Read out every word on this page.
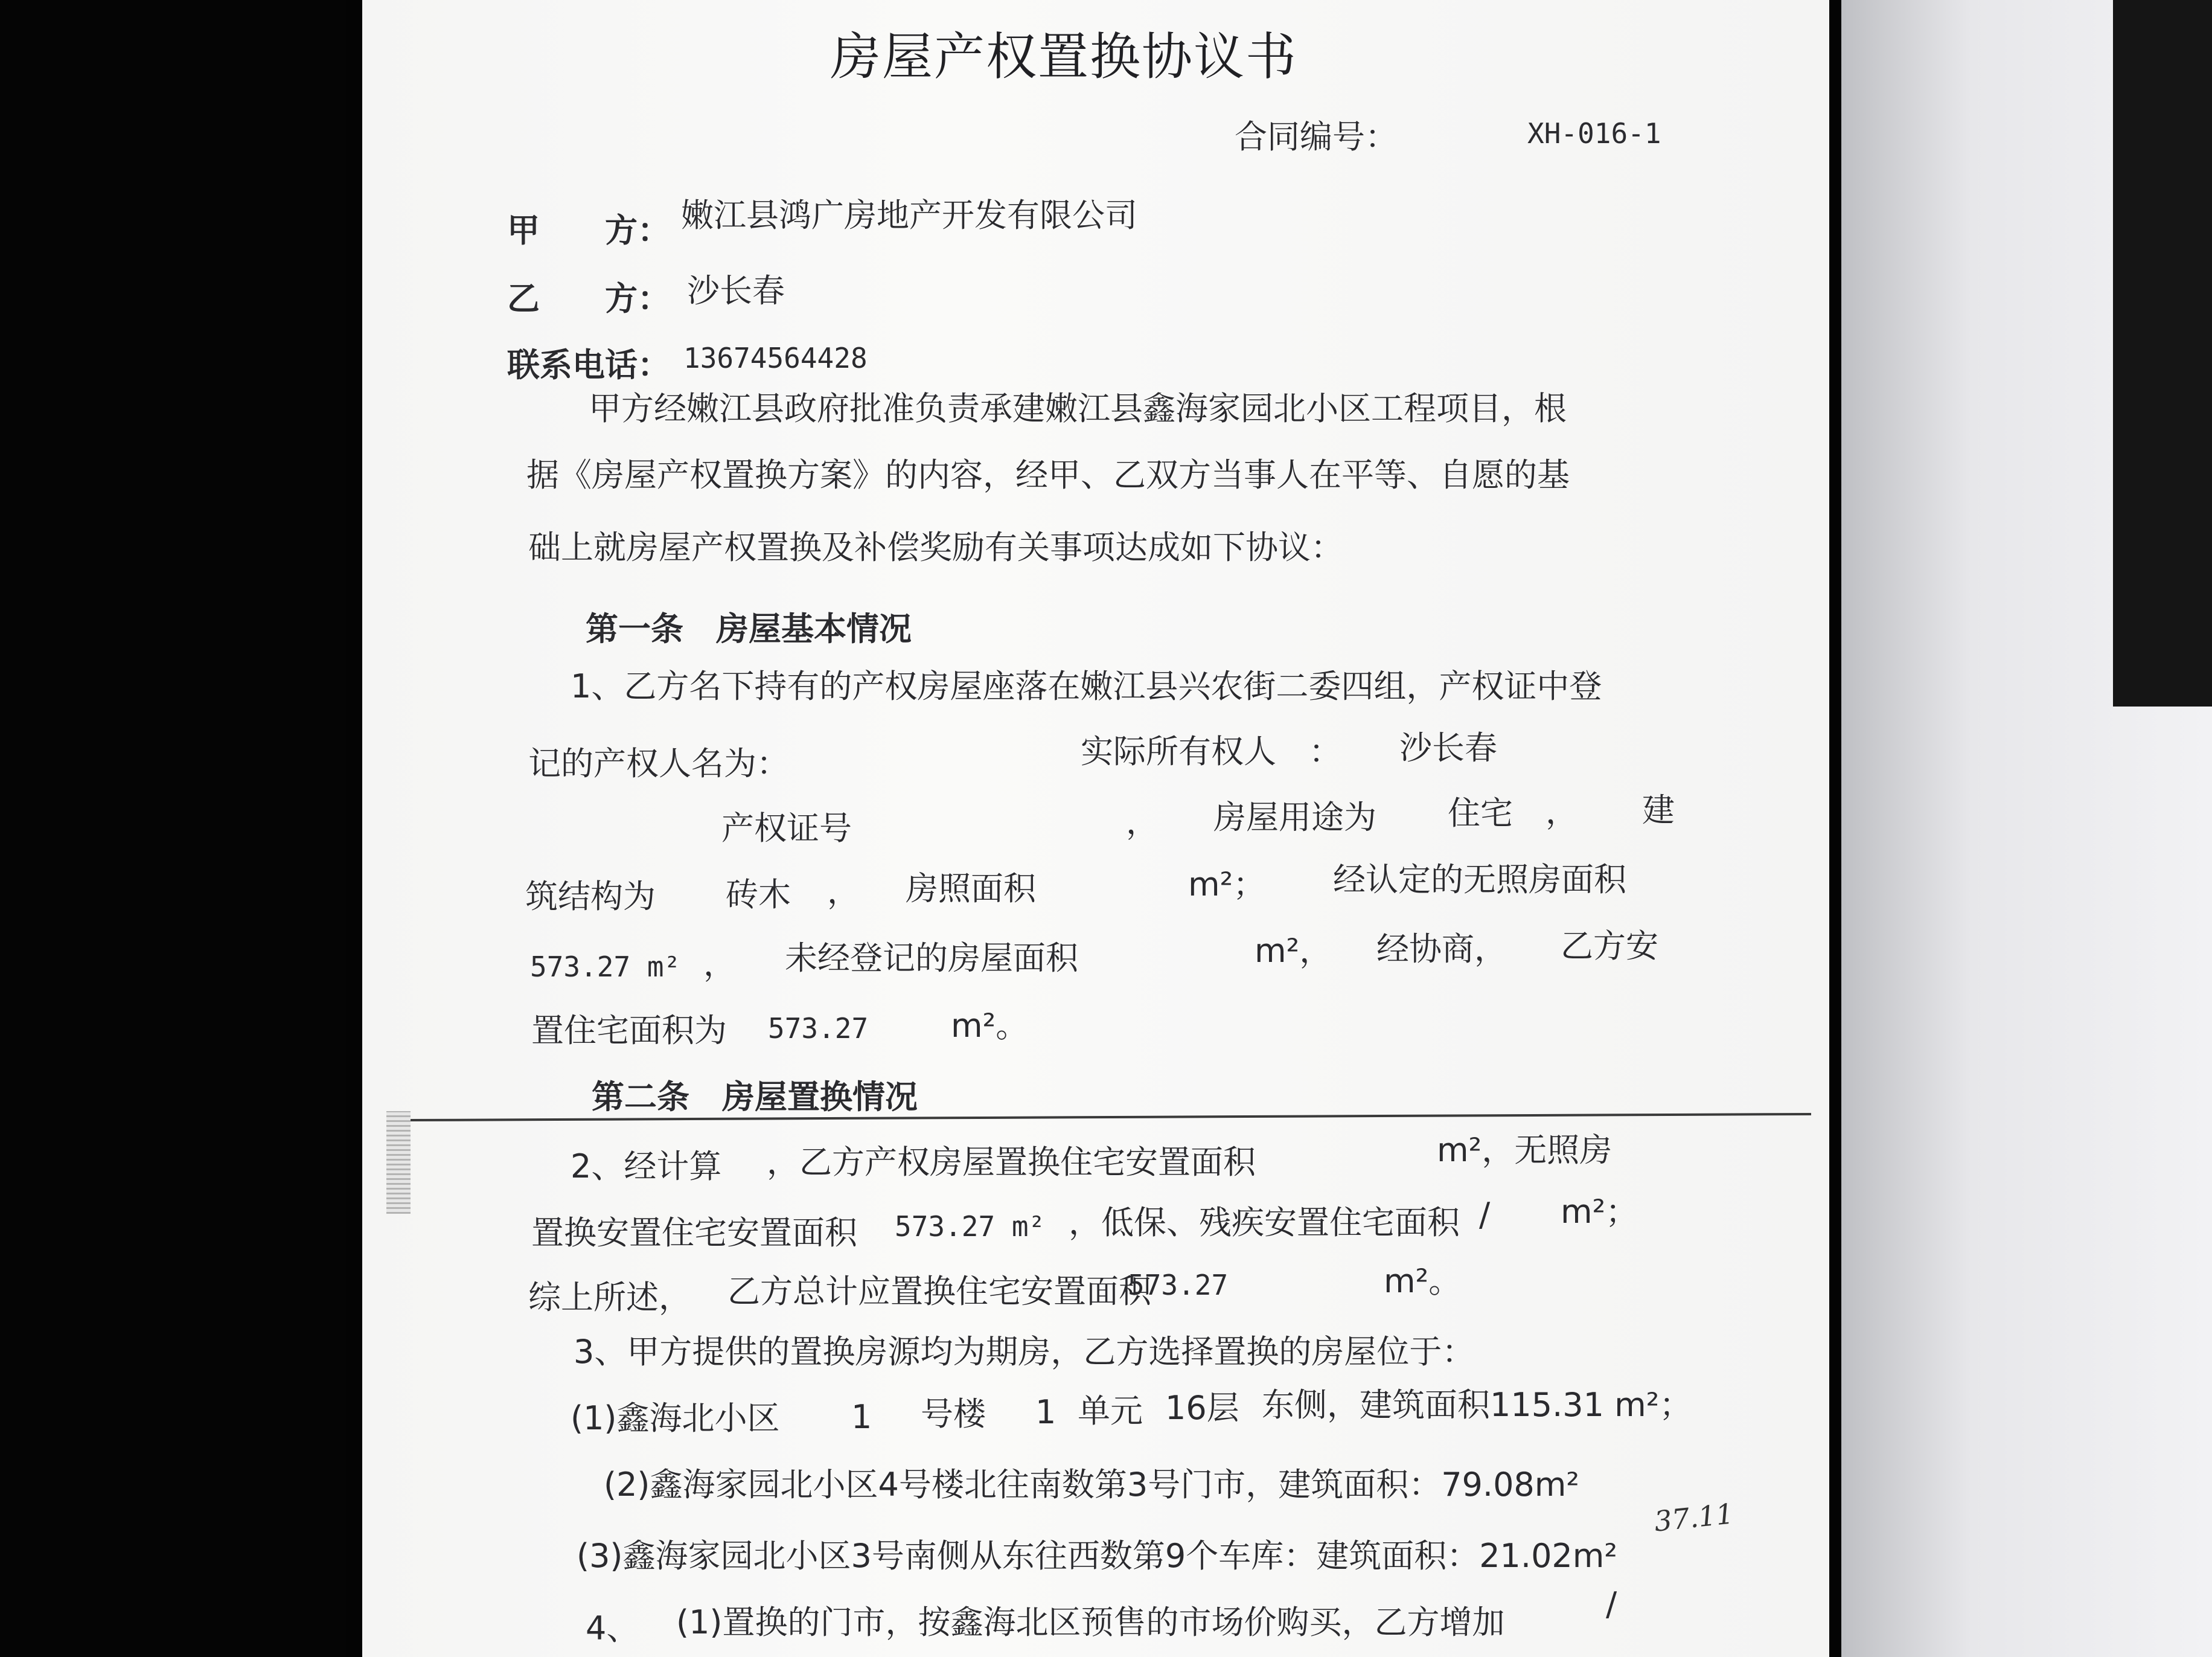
房屋产权置换协议书
合同编号：	XH-016-1
甲　　方： 嫩江县鸿广房地产开发有限公司
乙　　方： 沙长春
联系电话： 13674564428
甲方经嫩江县政府批准负责承建嫩江县鑫海家园北小区工程项目，根
据《房屋产权置换方案》的内容，经甲、乙双方当事人在平等、自愿的基
础上就房屋产权置换及补偿奖励有关事项达成如下协议：
第一条　房屋基本情况
1、乙方名下持有的产权房屋座落在嫩江县兴农街二委四组，产权证中登
记的产权人名为：	实际所有权人　： 沙长春
产权证号	， 房屋用途为 住宅 ， 建
筑结构为 砖木 ， 房照面积	m²； 经认定的无照房面积
573.27 m² ， 未经登记的房屋面积	m²， 经协商， 乙方安
置住宅面积为 573.27	m²。
第二条　房屋置换情况
2、经计算 ，乙方产权房屋置换住宅安置面积	m²，无照房
置换安置住宅安置面积 573.27 m² ，低保、残疾安置住宅面积 / m²；
综上所述， 乙方总计应置换住宅安置面积
573.27	m²。
3、甲方提供的置换房源均为期房，乙方选择置换的房屋位于：
(1)鑫海北小区 1 号楼 1 单元 16层 东侧，建筑面积115.31 m²；
(2)鑫海家园北小区4号楼北往南数第3号门市，建筑面积：79.08m²
(3)鑫海家园北小区3号南侧从东往西数第9个车库：建筑面积：21.02m²
37.11
4、 (1)置换的门市，按鑫海北区预售的市场价购买，乙方增加	/
